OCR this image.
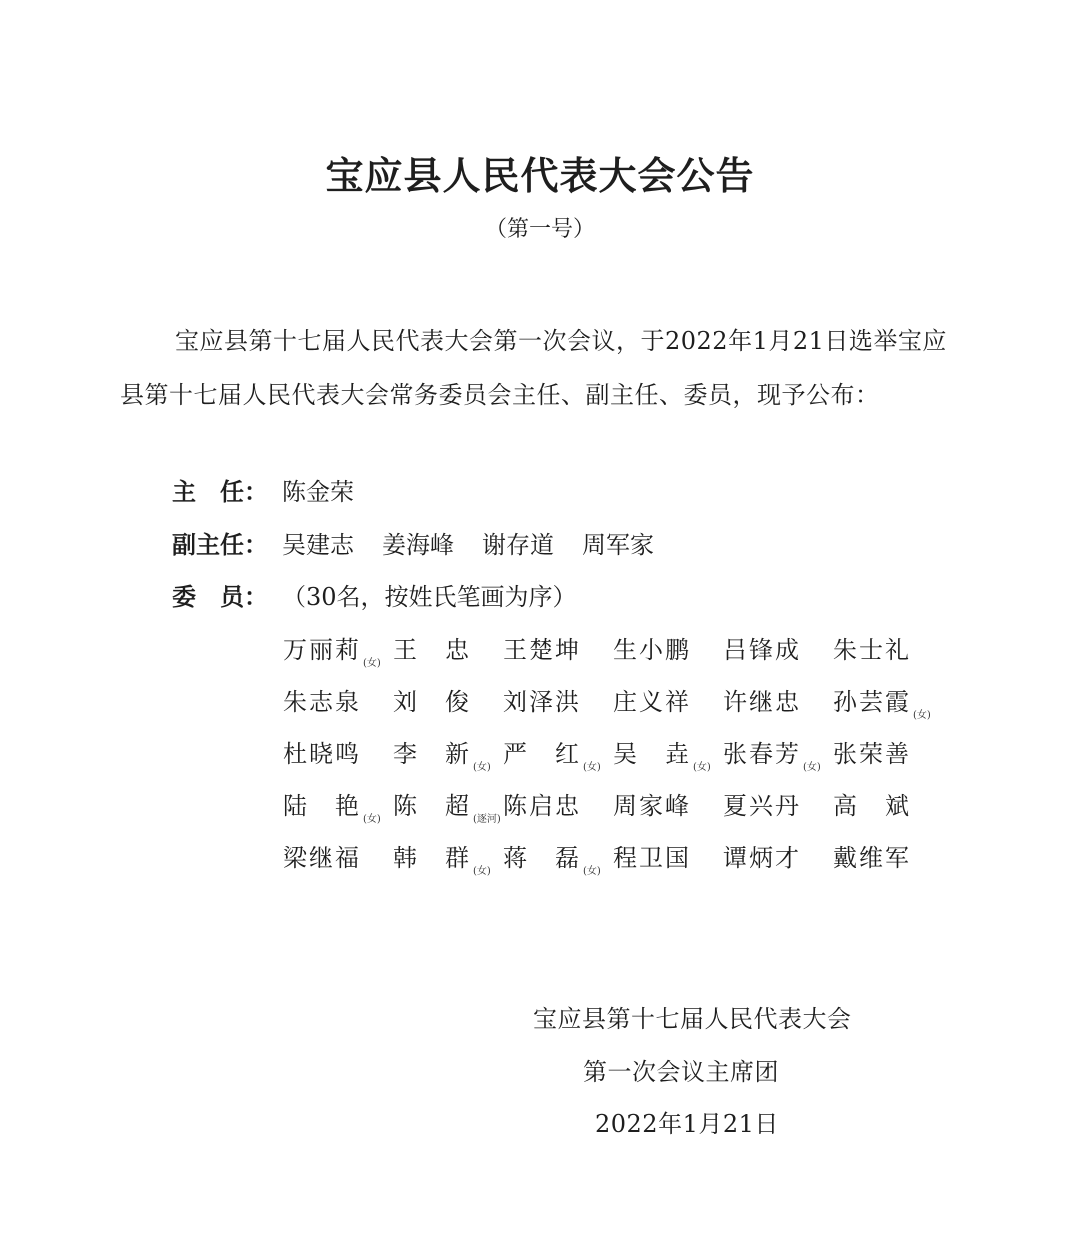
宝应县人民代表大会公告
（第一号）
宝应县第十七届人民代表大会第一次会议，于2022年1月21日选举宝应县第十七届人民代表大会常务委员会主任、副主任、委员，现予公布：
主　任： 陈金荣
副主任： 吴建志 姜海峰 谢存道 周军家
委　员： （30名，按姓氏笔画为序）
万丽莉 (女) 王　忠	王楚坤	生小鹏	吕锋成	朱士礼
朱志泉	刘　俊	刘泽洪	庄义祥	许继忠	孙芸霞 (女)
杜晓鸣	李　新 (女) 严　红 (女) 吴　垚 (女) 张春芳 (女) 张荣善
陆　艳 (女) 陈　超 (逐河) 陈启忠	周家峰	夏兴丹	高　斌
梁继福	韩　群 (女) 蒋　磊 (女) 程卫国	谭炳才	戴维军
宝应县第十七届人民代表大会
第一次会议主席团
2022年1月21日
